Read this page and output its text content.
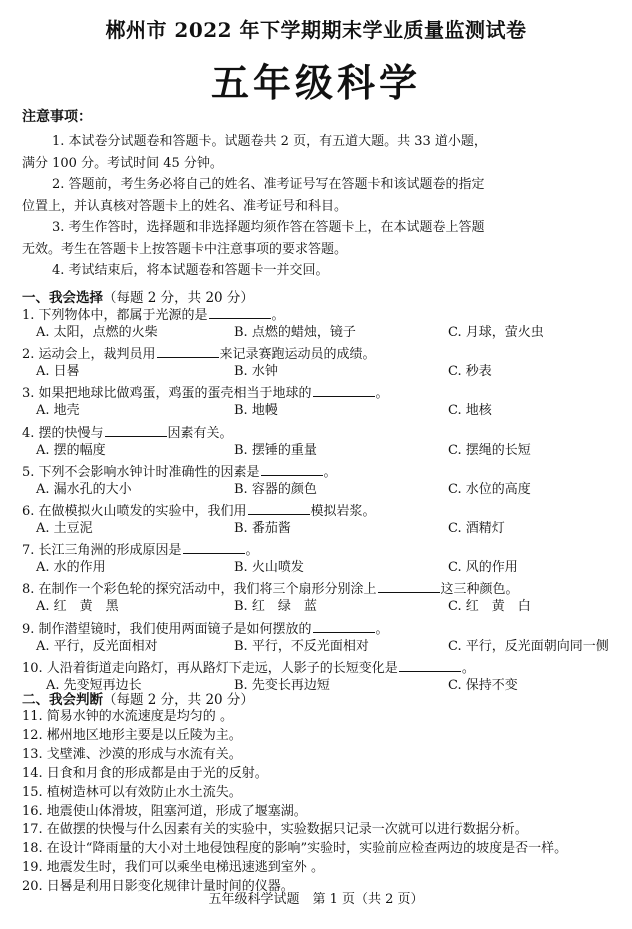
郴州市 2022 年下学期期末学业质量监测试卷
五年级科学
注意事项：
1. 本试卷分试题卷和答题卡。试题卷共 2 页，有五道大题。共 33 道小题，
满分 100 分。考试时间 45 分钟。
2. 答题前，考生务必将自己的姓名、准考证号写在答题卡和该试题卷的指定
位置上，并认真核对答题卡上的姓名、准考证号和科目。
3. 考生作答时，选择题和非选择题均须作答在答题卡上，在本试题卷上答题
无效。考生在答题卡上按答题卡中注意事项的要求答题。
4. 考试结束后，将本试题卷和答题卡一并交回。
一、我会选择（每题 2 分，共 20 分）
1. 下列物体中，都属于光源的是	。
A. 太阳，点燃的火柴	B. 点燃的蜡烛，镜子	C. 月球，萤火虫
2. 运动会上，裁判员用	来记录赛跑运动员的成绩。
A. 日晷	B. 水钟	C. 秒表
3. 如果把地球比做鸡蛋，鸡蛋的蛋壳相当于地球的	。
A. 地壳	B. 地幔	C. 地核
4. 摆的快慢与	因素有关。
A. 摆的幅度	B. 摆锤的重量	C. 摆绳的长短
5. 下列不会影响水钟计时准确性的因素是	。
A. 漏水孔的大小	B. 容器的颜色	C. 水位的高度
6. 在做模拟火山喷发的实验中，我们用	模拟岩浆。
A. 土豆泥	B. 番茄酱	C. 酒精灯
7. 长江三角洲的形成原因是	。
A. 水的作用	B. 火山喷发	C. 风的作用
8. 在制作一个彩色轮的探究活动中，我们将三个扇形分别涂上	这三种颜色。
A. 红　黄　黑	B. 红　绿　蓝	C. 红　黄　白
9. 制作潜望镜时，我们使用两面镜子是如何摆放的	。
A. 平行，反光面相对	B. 平行，不反光面相对	C. 平行，反光面朝向同一侧
10. 人沿着街道走向路灯，再从路灯下走远，人影子的长短变化是	。
A. 先变短再边长	B. 先变长再边短	C. 保持不变
二、我会判断（每题 2 分，共 20 分）
11. 简易水钟的水流速度是均匀的 。
12. 郴州地区地形主要是以丘陵为主。
13. 戈壁滩、沙漠的形成与水流有关。
14. 日食和月食的形成都是由于光的反射。
15. 植树造林可以有效防止水土流失。
16. 地震使山体滑坡，阻塞河道，形成了堰塞湖。
17. 在做摆的快慢与什么因素有关的实验中，实验数据只记录一次就可以进行数据分析。
18. 在设计“降雨量的大小对土地侵蚀程度的影响”实验时，实验前应检查两边的坡度是否一样。
19. 地震发生时，我们可以乘坐电梯迅速逃到室外 。
20. 日晷是利用日影变化规律计量时间的仪器。
五年级科学试题　第 1 页（共 2 页）
